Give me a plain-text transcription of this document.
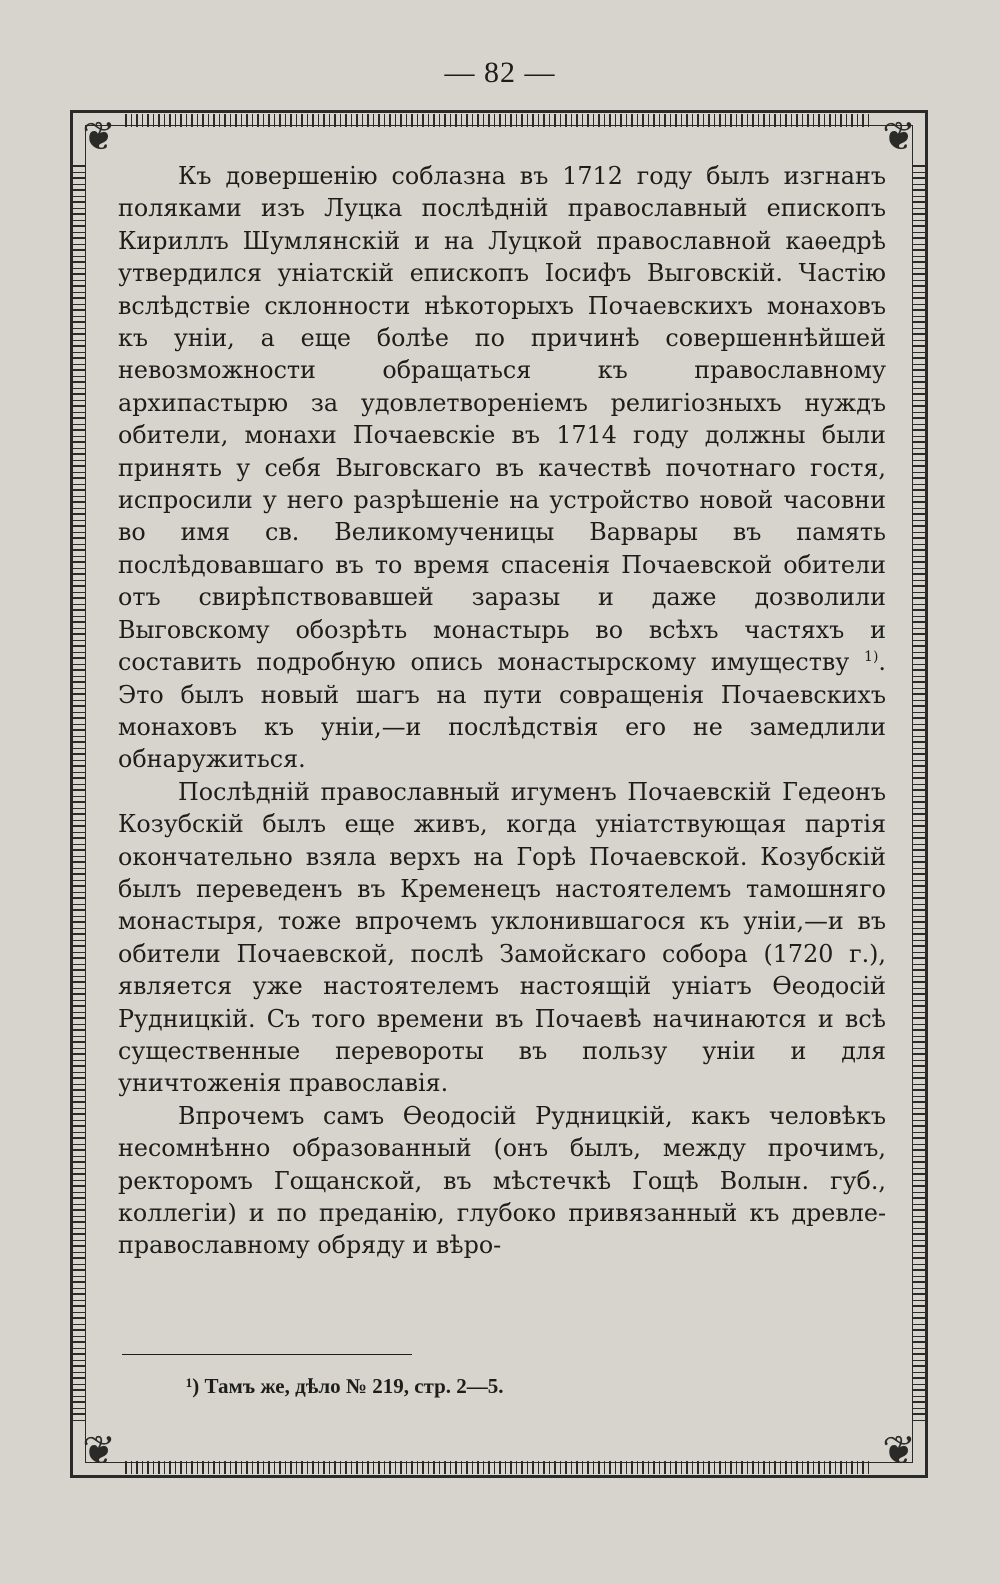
— 82 —
❦	❦
❦	❦

Къ довершенію соблазна въ 1712 году былъ изгнанъ поляками изъ Луцка послѣдній православный епископъ Кириллъ Шумлянскій и на Луцкой православной каѳедрѣ утвердился уніатскій епископъ Іосифъ Выговскій. Частію вслѣдствіе склонности нѣкоторыхъ Почаевскихъ монаховъ къ уніи, а еще болѣе по причинѣ совершеннѣйшей невозможности обращаться къ православному архипастырю за удовлетвореніемъ религіозныхъ нуждъ обители, монахи Почаевскіе въ 1714 году должны были принять у себя Выговскаго въ качествѣ почотнаго гостя, испросили у него разрѣшеніе на устройство новой часовни во имя св. Великомученицы Варвары въ память послѣдовавшаго въ то время спасенія Почаевской обители отъ свирѣпствовавшей заразы и даже дозволили Выговскому обозрѣть монастырь во всѣхъ частяхъ и составить подробную опись монастырскому имуществу $^{1)}$. Это былъ новый шагъ на пути совращенія Почаевскихъ монаховъ къ уніи,—и послѣдствія его не замедлили обнаружиться.

Послѣдній православный игуменъ Почаевскій Гедеонъ Козубскій былъ еще живъ, когда уніатствующая партія окончательно взяла верхъ на Горѣ Почаевской. Козубскій былъ переведенъ въ Кременецъ настоятелемъ тамошняго монастыря, тоже впрочемъ уклонившагося къ уніи,—и въ обители Почаевской, послѣ Замойскаго собора (1720 г.), является уже настоятелемъ настоящій уніатъ Ѳеодосій Рудницкій. Съ того времени въ Почаевѣ начинаются и всѣ существенные перевороты въ пользу уніи и для уничтоженія православія.

Впрочемъ самъ Ѳеодосій Рудницкій, какъ человѣкъ несомнѣнно образованный (онъ былъ, между прочимъ, ректоромъ Гощанской, въ мѣстечкѣ Гощѣ Волын. губ., коллегіи) и по преданію, глубоко привязанный къ древле-православному обряду и вѣро-

¹) Тамъ же, дѣло № 219, стр. 2—5.
